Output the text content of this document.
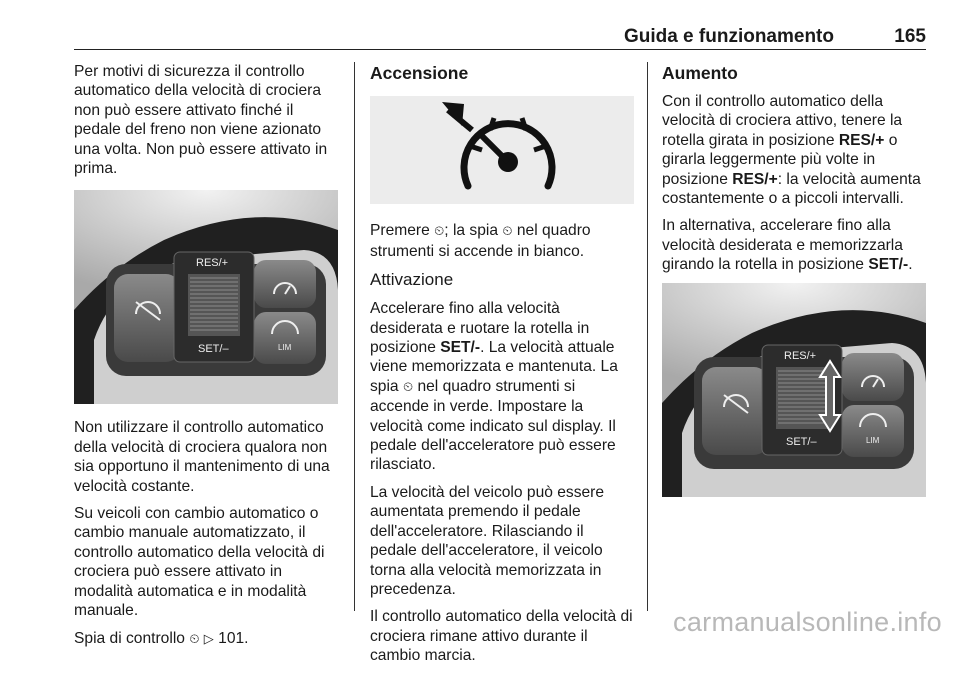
Guida e funzionamento	165

Per motivi di sicurezza il controllo automatico della velocità di crociera non può essere attivato finché il pedale del freno non viene azionato una volta. Non può essere attivato in prima.

RES/+
SET/–	LIM

Non utilizzare il controllo automatico della velocità di crociera qualora non sia opportuno il mantenimento di una velocità costante.

Su veicoli con cambio automatico o cambio manuale automatizzato, il controllo automatico della velocità di crociera può essere attivato in modalità automatica e in modalità manuale.

Spia di controllo ⏲ ▷ 101.

Accensione

Premere ⏲; la spia ⏲ nel quadro strumenti si accende in bianco.

Attivazione

Accelerare fino alla velocità desiderata e ruotare la rotella in posizione SET/-. La velocità attuale viene memorizzata e mantenuta. La spia ⏲ nel quadro strumenti si accende in verde. Impostare la velocità come indicato sul display. Il pedale dell'acceleratore può essere rilasciato.

La velocità del veicolo può essere aumentata premendo il pedale dell'acceleratore. Rilasciando il pedale dell'acceleratore, il veicolo torna alla velocità memorizzata in precedenza.

Il controllo automatico della velocità di crociera rimane attivo durante il cambio marcia.

Aumento

Con il controllo automatico della velocità di crociera attivo, tenere la rotella girata in posizione RES/+ o girarla leggermente più volte in posizione RES/+: la velocità aumenta costantemente o a piccoli intervalli.

In alternativa, accelerare fino alla velocità desiderata e memorizzarla girando la rotella in posizione SET/-.

RES/+
SET/–	LIM
carmanualsonline.info
